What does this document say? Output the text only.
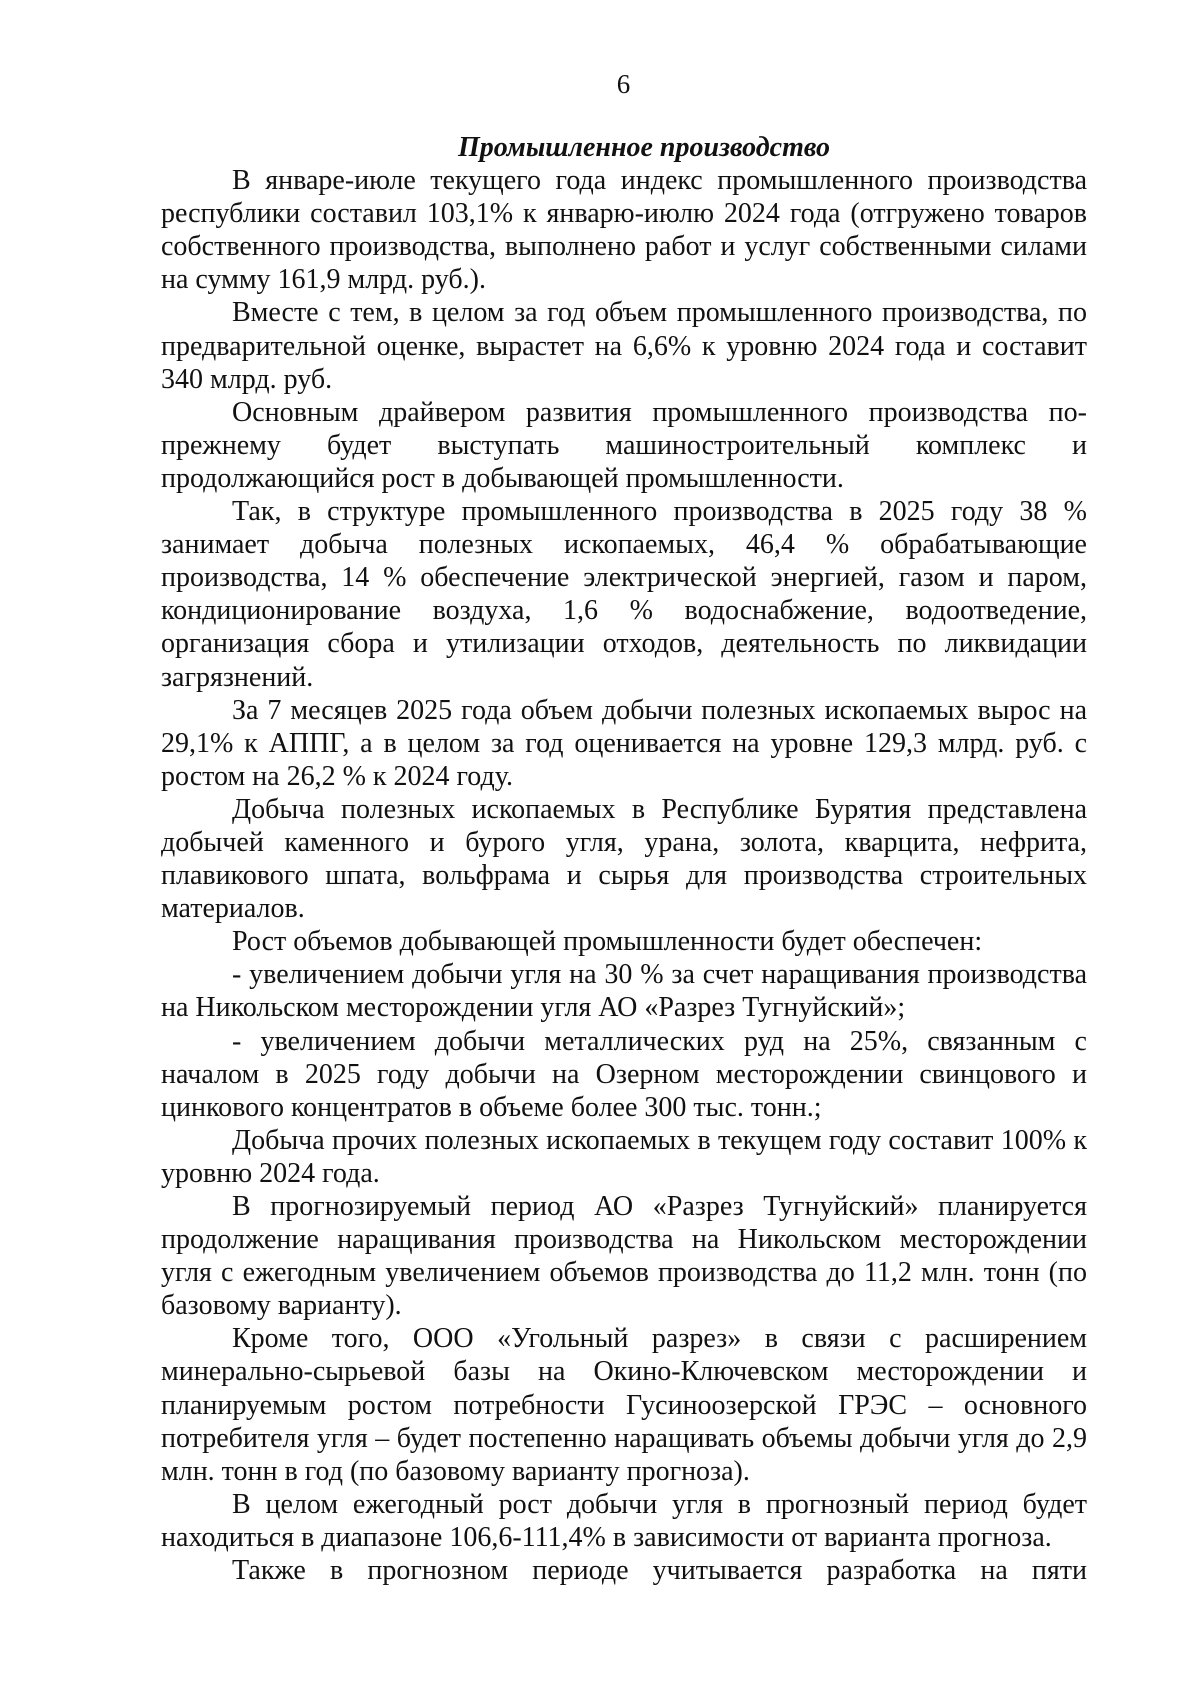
6
Промышленное производство

В январе-июле текущего года индекс промышленного производства республики составил 103,1% к январю-июлю 2024 года (отгружено товаров собственного производства, выполнено работ и услуг собственными силами на сумму 161,9 млрд. руб.).

Вместе с тем, в целом за год объем промышленного производства, по предварительной оценке, вырастет на 6,6% к уровню 2024 года и составит 340 млрд. руб.

Основным драйвером развития промышленного производства по-прежнему будет выступать машиностроительный комплекс и продолжающийся рост в добывающей промышленности.

Так, в структуре промышленного производства в 2025 году 38 % занимает добыча полезных ископаемых, 46,4 % обрабатывающие производства, 14 % обеспечение электрической энергией, газом и паром, кондиционирование воздуха, 1,6 % водоснабжение, водоотведение, организация сбора и утилизации отходов, деятельность по ликвидации загрязнений.

За 7 месяцев 2025 года объем добычи полезных ископаемых вырос на 29,1% к АППГ, а в целом за год оценивается на уровне 129,3 млрд. руб. с ростом на 26,2 % к 2024 году.

Добыча полезных ископаемых в Республике Бурятия представлена добычей каменного и бурого угля, урана, золота, кварцита, нефрита, плавикового шпата, вольфрама и сырья для производства строительных материалов.

Рост объемов добывающей промышленности будет обеспечен:

- увеличением добычи угля на 30 % за счет наращивания производства на Никольском месторождении угля АО «Разрез Тугнуйский»;

- увеличением добычи металлических руд на 25%, связанным с началом в 2025 году добычи на Озерном месторождении свинцового и цинкового концентратов в объеме более 300 тыс. тонн.;

Добыча прочих полезных ископаемых в текущем году составит 100% к уровню 2024 года.

В прогнозируемый период АО «Разрез Тугнуйский» планируется продолжение наращивания производства на Никольском месторождении угля с ежегодным увеличением объемов производства до 11,2 млн. тонн (по базовому варианту).

Кроме того, ООО «Угольный разрез» в связи с расширением минерально-сырьевой базы на Окино-Ключевском месторождении и планируемым ростом потребности Гусиноозерской ГРЭС – основного потребителя угля – будет постепенно наращивать объемы добычи угля до 2,9 млн. тонн в год (по базовому варианту прогноза).

В целом ежегодный рост добычи угля в прогнозный период будет находиться в диапазоне 106,6-111,4% в зависимости от варианта прогноза.

Также в прогнозном периоде учитывается разработка на пяти
